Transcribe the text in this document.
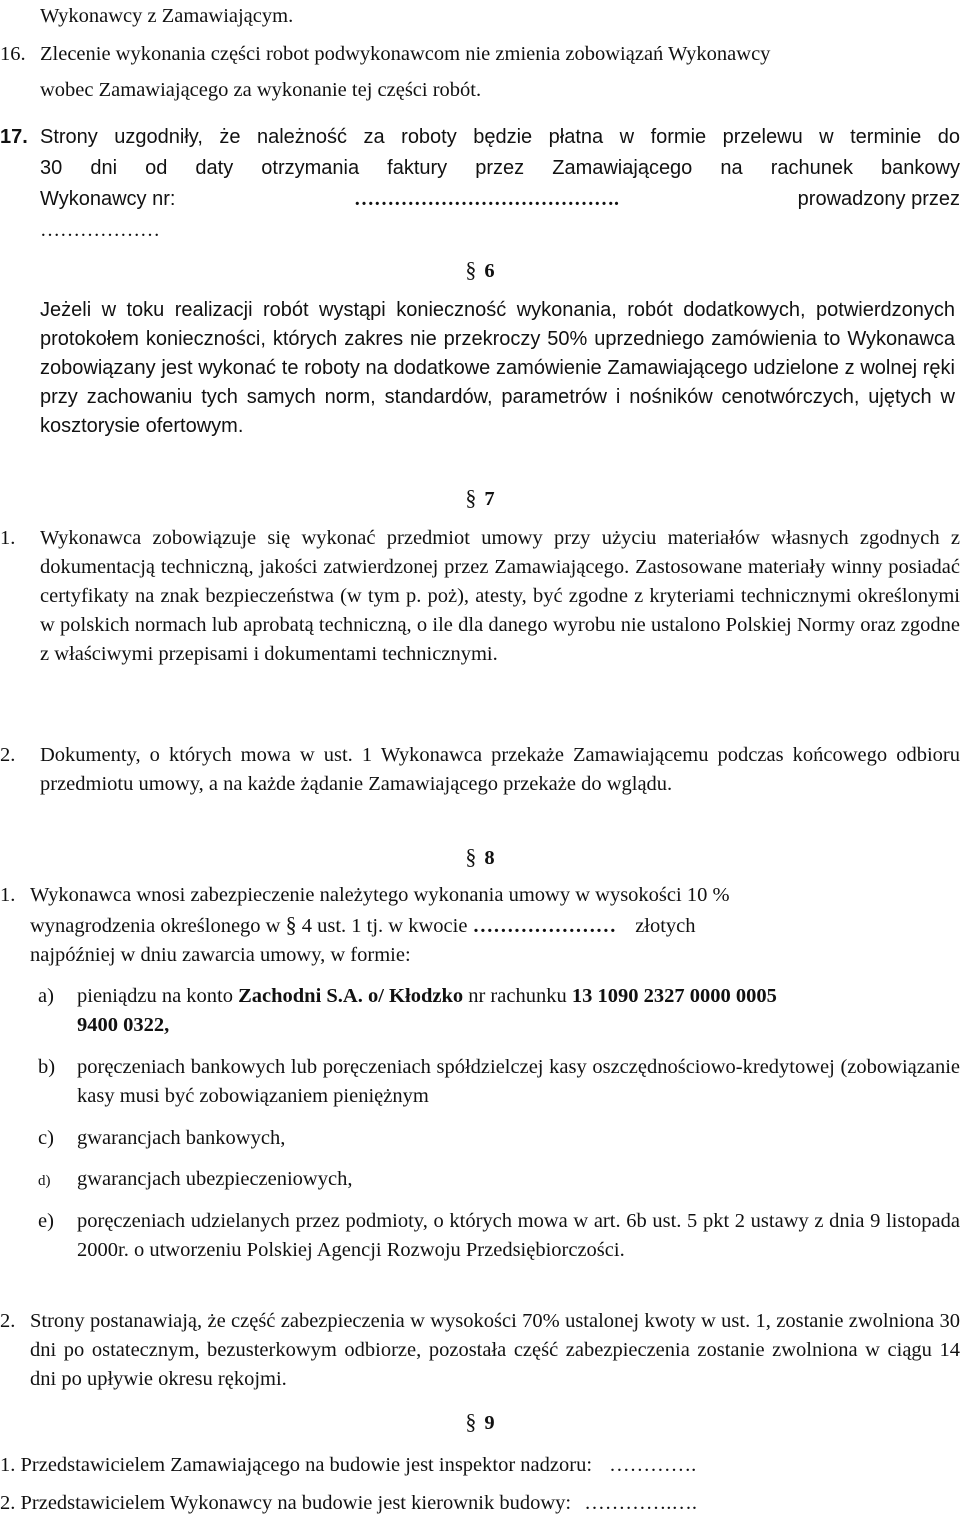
Wykonawcy z Zamawiającym.

16. Zlecenie wykonania części robot podwykonawcom nie zmienia zobowiązań Wykonawcy

wobec Zamawiającego za wykonanie tej części robót.

17. Strony uzgodniły, że należność za roboty będzie płatna w formie przelewu w terminie do

30 dni od daty otrzymania faktury przez Zamawiającego na rachunek bankowy

Wykonawcy nr:	………………………………….	prowadzony przez

………………

§ 6

Jeżeli w toku realizacji robót wystąpi konieczność wykonania, robót dodatkowych, potwierdzonych protokołem konieczności, których zakres nie przekroczy 50% uprzedniego zamówienia to Wykonawca zobowiązany jest wykonać te roboty na dodatkowe zamówienie Zamawiającego udzielone z wolnej ręki przy zachowaniu tych samych norm, standardów, parametrów i nośników cenotwórczych, ujętych w kosztorysie ofertowym.

§ 7
1. Wykonawca zobowiązuje się wykonać przedmiot umowy przy użyciu materiałów własnych zgodnych z dokumentacją techniczną, jakości zatwierdzonej przez Zamawiającego. Zastosowane materiały winny posiadać certyfikaty na znak bezpieczeństwa (w tym p. poż), atesty, być zgodne z kryteriami technicznymi określonymi w polskich normach lub aprobatą techniczną, o ile dla danego wyrobu nie ustalono Polskiej Normy oraz zgodne z właściwymi przepisami i dokumentami technicznymi.

2. Dokumenty, o których mowa w ust. 1 Wykonawca przekaże Zamawiającemu podczas końcowego odbioru przedmiotu umowy, a na każde żądanie Zamawiającego przekaże do wglądu.

§ 8
1. Wykonawca wnosi zabezpieczenie należytego wykonania umowy w wysokości 10 %

wynagrodzenia określonego w § 4 ust. 1 tj. w kwocie ………………… złotych

najpóźniej w dniu zawarcia umowy, w formie:

a) pieniądzu na konto Zachodni S.A. o/ Kłodzko nr rachunku 13 1090 2327 0000 0005

9400 0322,

b) poręczeniach bankowych lub poręczeniach spółdzielczej kasy oszczędnościowo-kredytowej (zobowiązanie kasy musi być zobowiązaniem pieniężnym

c) gwarancjach bankowych,

d) gwarancjach ubezpieczeniowych,

e) poręczeniach udzielanych przez podmioty, o których mowa w art. 6b ust. 5 pkt 2 ustawy z dnia 9 listopada 2000r. o utworzeniu Polskiej Agencji Rozwoju Przedsiębiorczości.

2. Strony postanawiają, że część zabezpieczenia w wysokości 70% ustalonej kwoty w ust. 1, zostanie zwolniona 30 dni po ostatecznym, bezusterkowym odbiorze, pozostała część zabezpieczenia zostanie zwolniona w ciągu 14 dni po upływie okresu rękojmi.

§ 9

1. Przedstawicielem Zamawiającego na budowie jest inspektor nadzoru: ………….

2. Przedstawicielem Wykonawcy na budowie jest kierownik budowy: ………….….
